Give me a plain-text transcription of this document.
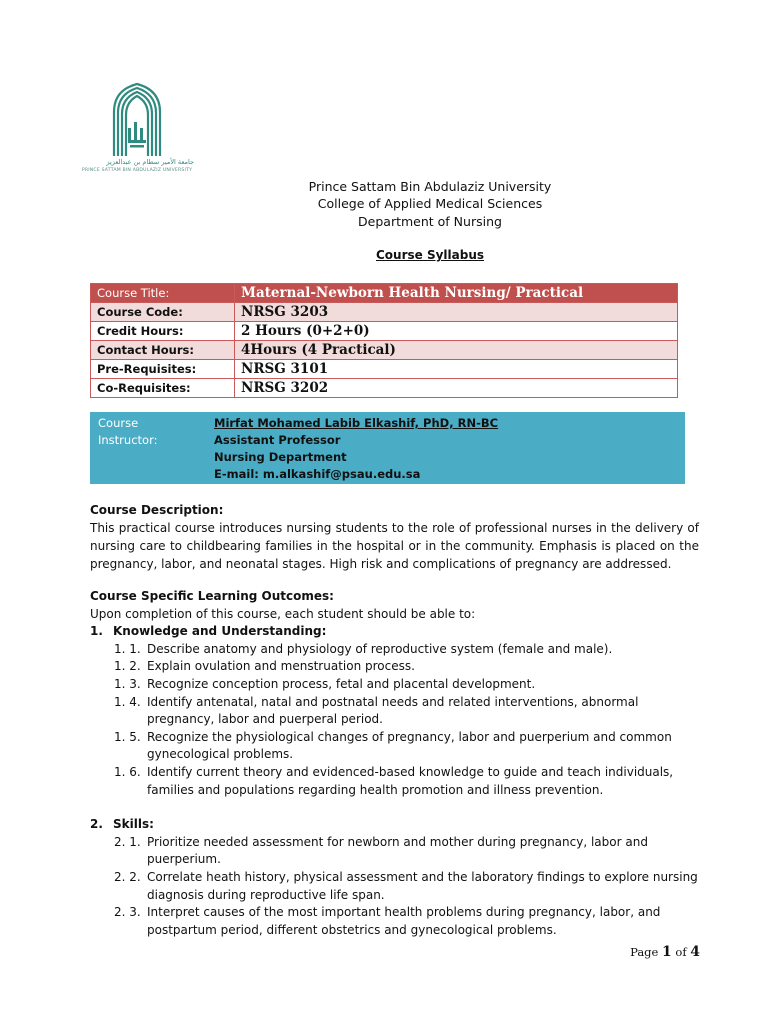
جامعة الأمير سطام بن عبدالعزيز
PRINCE SATTAM BIN ABDULAZIZ UNIVERSITY
Prince Sattam Bin Abdulaziz University
College of Applied Medical Sciences
Department of Nursing
Course Syllabus
Course Title:	Maternal-Newborn Health Nursing/ Practical
Course Code:	NRSG 3203
Credit Hours:	2 Hours (0+2+0)
Contact Hours:	4Hours (4 Practical)
Pre-Requisites:	NRSG 3101
Co-Requisites:	NRSG 3202
Course
Instructor:
Mirfat Mohamed Labib Elkashif, PhD, RN-BC
Assistant Professor
Nursing Department
E-mail: m.alkashif@psau.edu.sa
Course Description:
This practical course introduces nursing students to the role of professional nurses in the delivery of nursing care to childbearing families in the hospital or in the community. Emphasis is placed on the pregnancy, labor, and neonatal stages. High risk and complications of pregnancy are addressed.
Course Specific Learning Outcomes:
Upon completion of this course, each student should be able to:
1. Knowledge and Understanding:
1. 1. Describe anatomy and physiology of reproductive system (female and male).
1. 2. Explain ovulation and menstruation process.
1. 3. Recognize conception process, fetal and placental development.
1. 4. Identify antenatal, natal and postnatal needs and related interventions, abnormal pregnancy, labor and puerperal period.
1. 5. Recognize the physiological changes of pregnancy, labor and puerperium and common gynecological problems.
1. 6. Identify current theory and evidenced-based knowledge to guide and teach individuals, families and populations regarding health promotion and illness prevention.
2. Skills:
2. 1. Prioritize needed assessment for newborn and mother during pregnancy, labor and puerperium.
2. 2. Correlate heath history, physical assessment and the laboratory findings to explore nursing diagnosis during reproductive life span.
2. 3. Interpret causes of the most important health problems during pregnancy, labor, and postpartum period, different obstetrics and gynecological problems.
Page 1 of 4
